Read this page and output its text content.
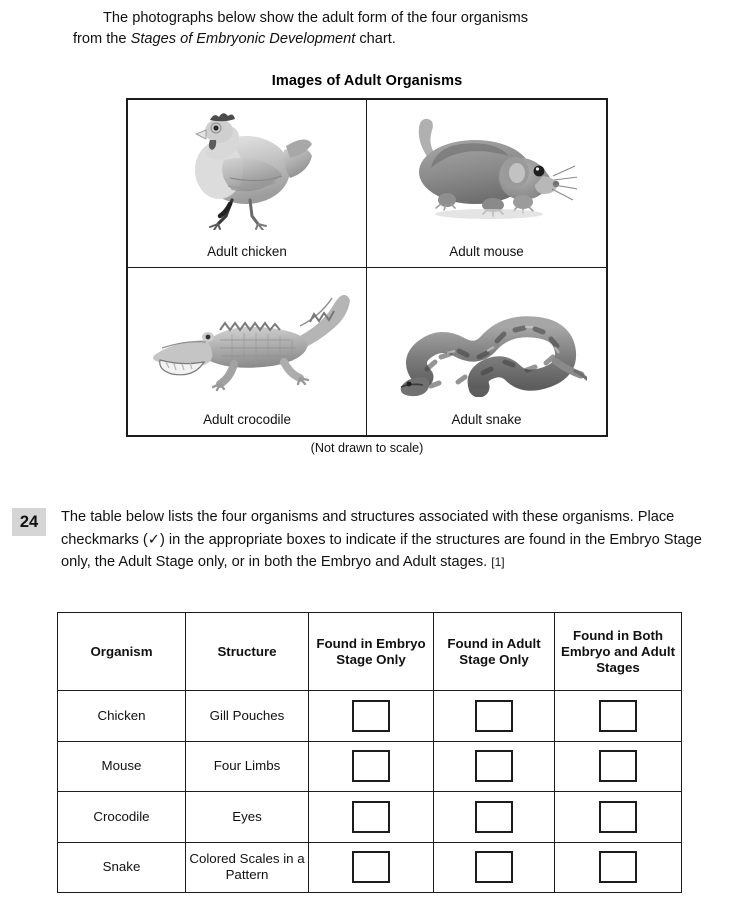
The photographs below show the adult form of the four organisms
from the Stages of Embryonic Development chart.
Images of Adult Organisms
Adult chicken	Adult mouse
Adult crocodile	Adult snake
(Not drawn to scale)
24	The table below lists the four organisms and structures associated with these organisms. Place checkmarks (✓) in the appropriate boxes to indicate if the structures are found in the Embryo Stage only, the Adult Stage only, or in both the Embryo and Adult stages. [1]
Organism	Structure	Found in Embryo Stage Only	Found in Adult Stage Only	Found in Both Embryo and Adult Stages
Chicken	Gill Pouches	

Mouse	Four Limbs	

Crocodile	Eyes	

Snake	Colored Scales in a Pattern	
